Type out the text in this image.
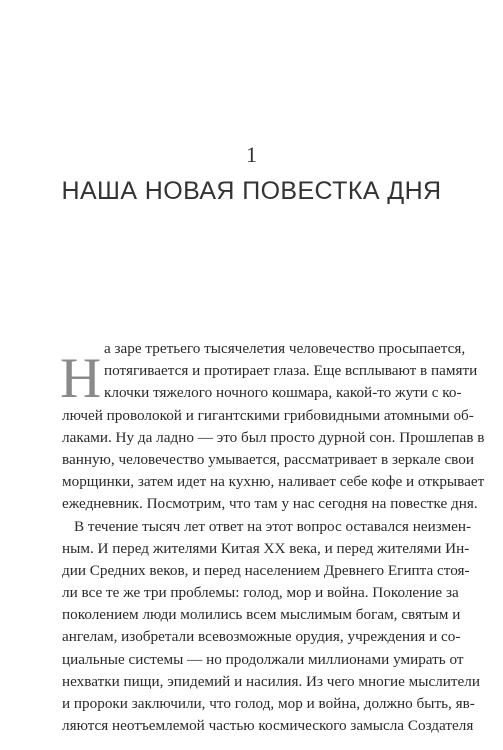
1
НАША НОВАЯ ПОВЕСТКА ДНЯ
Н а заре третьего тысячелетия человечество просыпается,
потягивается и протирает глаза. Еще всплывают в памяти
клочки тяжелого ночного кошмара, какой-то жути с ко-
лючей проволокой и гигантскими грибовидными атомными об-
лаками. Ну да ладно — это был просто дурной сон. Прошлепав в
ванную, человечество умывается, рассматривает в зеркале свои
морщинки, затем идет на кухню, наливает себе кофе и открывает
ежедневник. Посмотрим, что там у нас сегодня на повестке дня.
В течение тысяч лет ответ на этот вопрос оставался неизмен-
ным. И перед жителями Китая XX века, и перед жителями Ин-
дии Средних веков, и перед населением Древнего Египта стоя-
ли все те же три проблемы: голод, мор и война. Поколение за
поколением люди молились всем мыслимым богам, святым и
ангелам, изобретали всевозможные орудия, учреждения и со-
циальные системы — но продолжали миллионами умирать от
нехватки пищи, эпидемий и насилия. Из чего многие мыслители
и пророки заключили, что голод, мор и война, должно быть, яв-
ляются неотъемлемой частью космического замысла Создателя
